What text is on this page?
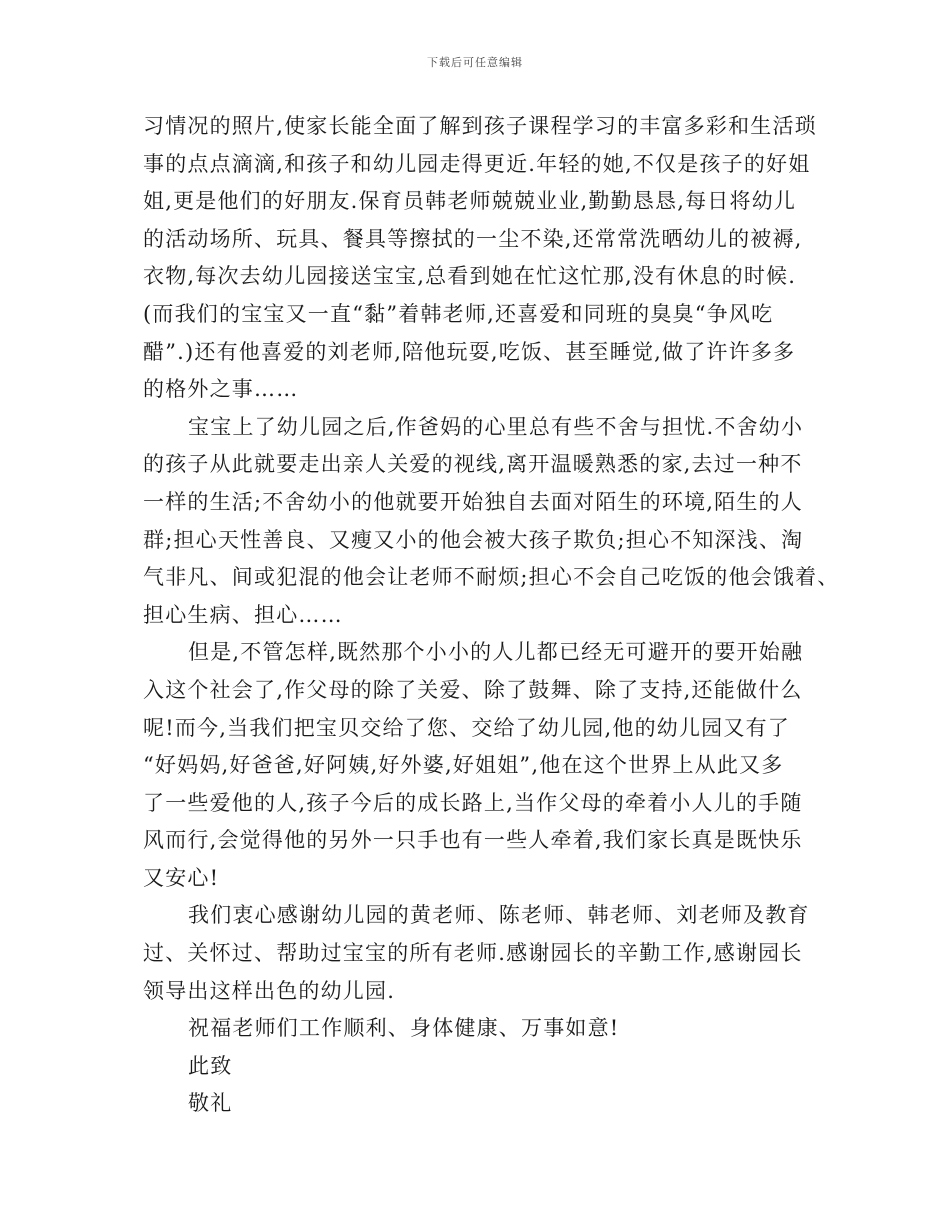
下载后可任意编辑
习情况的照片,使家长能全面了解到孩子课程学习的丰富多彩和生活琐
事的点点滴滴,和孩子和幼儿园走得更近.年轻的她,不仅是孩子的好姐
姐,更是他们的好朋友.保育员韩老师兢兢业业,勤勤恳恳,每日将幼儿
的活动场所、玩具、餐具等擦拭的一尘不染,还常常洗晒幼儿的被褥,
衣物,每次去幼儿园接送宝宝,总看到她在忙这忙那,没有休息的时候.
(而我们的宝宝又一直“黏”着韩老师,还喜爱和同班的臭臭“争风吃
醋”.)还有他喜爱的刘老师,陪他玩耍,吃饭、甚至睡觉,做了许许多多
的格外之事……
宝宝上了幼儿园之后,作爸妈的心里总有些不舍与担忧.不舍幼小
的孩子从此就要走出亲人关爱的视线,离开温暖熟悉的家,去过一种不
一样的生活;不舍幼小的他就要开始独自去面对陌生的环境,陌生的人
群;担心天性善良、又瘦又小的他会被大孩子欺负;担心不知深浅、淘
气非凡、间或犯混的他会让老师不耐烦;担心不会自己吃饭的他会饿着、
担心生病、担心……
但是,不管怎样,既然那个小小的人儿都已经无可避开的要开始融
入这个社会了,作父母的除了关爱、除了鼓舞、除了支持,还能做什么
呢!而今,当我们把宝贝交给了您、交给了幼儿园,他的幼儿园又有了
“好妈妈,好爸爸,好阿姨,好外婆,好姐姐”,他在这个世界上从此又多
了一些爱他的人,孩子今后的成长路上,当作父母的牵着小人儿的手随
风而行,会觉得他的另外一只手也有一些人牵着,我们家长真是既快乐
又安心!
我们衷心感谢幼儿园的黄老师、陈老师、韩老师、刘老师及教育
过、关怀过、帮助过宝宝的所有老师.感谢园长的辛勤工作,感谢园长
领导出这样出色的幼儿园.
祝福老师们工作顺利、身体健康、万事如意!
此致
敬礼
